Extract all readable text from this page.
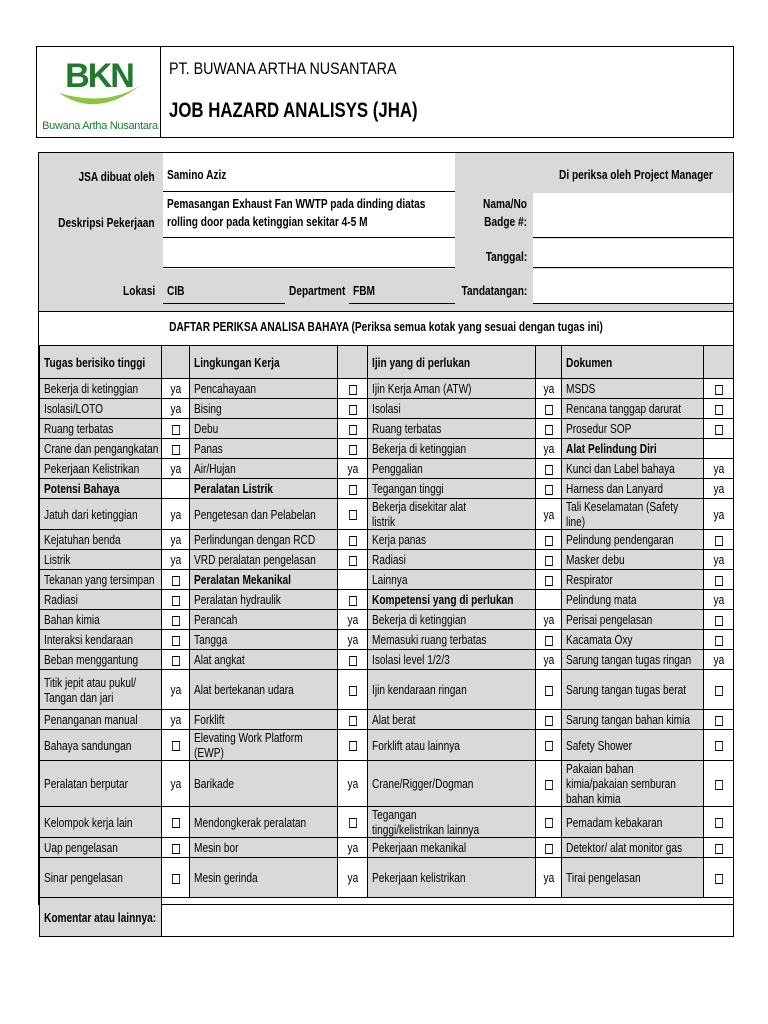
BKN
Buwana Artha Nusantara
PT. BUWANA ARTHA NUSANTARA
JOB HAZARD ANALISYS (JHA)
JSA dibuat oleh Samino Aziz	Di periksa oleh Project Manager
Deskripsi Pekerjaan
Pemasangan Exhaust Fan WWTP pada dinding diatas rolling door pada ketinggian sekitar 4-5 M
Nama/No Badge #:
Tanggal:
Lokasi CIB	Department FBM	Tandatangan:
DAFTAR PERIKSA ANALISA BAHAYA (Periksa semua kotak yang sesuai dengan tugas ini)
Tugas berisiko tinggi		Lingkungan Kerja		Ijin yang di perlukan		Dokumen	
Bekerja di ketinggian	ya	Pencahayaan		Ijin Kerja Aman (ATW)	ya	MSDS	
Isolasi/LOTO	ya	Bising		Isolasi		Rencana tanggap darurat	
Ruang terbatas		Debu		Ruang terbatas		Prosedur SOP	
Crane dan pengangkatan		Panas		Bekerja di ketinggian	ya	Alat Pelindung Diri	
Pekerjaan Kelistrikan	ya	Air/Hujan	ya	Penggalian		Kunci dan Label bahaya	ya
Potensi Bahaya		Peralatan Listrik		Tegangan tinggi		Harness dan Lanyard	ya
Jatuh dari ketinggian	ya	Pengetesan dan Pelabelan		Bekerja disekitar alat listrik	ya	Tali Keselamatan (Safety line)	ya
Kejatuhan benda	ya	Perlindungan dengan RCD		Kerja panas		Pelindung pendengaran	
Listrik	ya	VRD peralatan pengelasan		Radiasi		Masker debu	ya
Tekanan yang tersimpan		Peralatan Mekanikal		Lainnya		Respirator	
Radiasi		Peralatan hydraulik		Kompetensi yang di perlukan		Pelindung mata	ya
Bahan kimia		Perancah	ya	Bekerja di ketinggian	ya	Perisai pengelasan	
Interaksi kendaraan		Tangga	ya	Memasuki ruang terbatas		Kacamata Oxy	
Beban menggantung		Alat angkat		Isolasi level 1/2/3	ya	Sarung tangan tugas ringan	ya
Titik jepit atau pukul/ Tangan dan jari	ya	Alat bertekanan udara		Ijin kendaraan ringan		Sarung tangan tugas berat	
Penanganan manual	ya	Forklift		Alat berat		Sarung tangan bahan kimia	
Bahaya sandungan		Elevating Work Platform (EWP)		Forklift atau lainnya		Safety Shower	
Peralatan berputar	ya	Barikade	ya	Crane/Rigger/Dogman		Pakaian bahan kimia/pakaian semburan bahan kimia	
Kelompok kerja lain		Mendongkerak peralatan		Tegangan tinggi/kelistrikan lainnya		Pemadam kebakaran	
Uap pengelasan		Mesin bor	ya	Pekerjaan mekanikal		Detektor/ alat monitor gas	
Sinar pengelasan		Mesin gerinda	ya	Pekerjaan kelistrikan	ya	Tirai pengelasan	
Komentar atau lainnya:							
